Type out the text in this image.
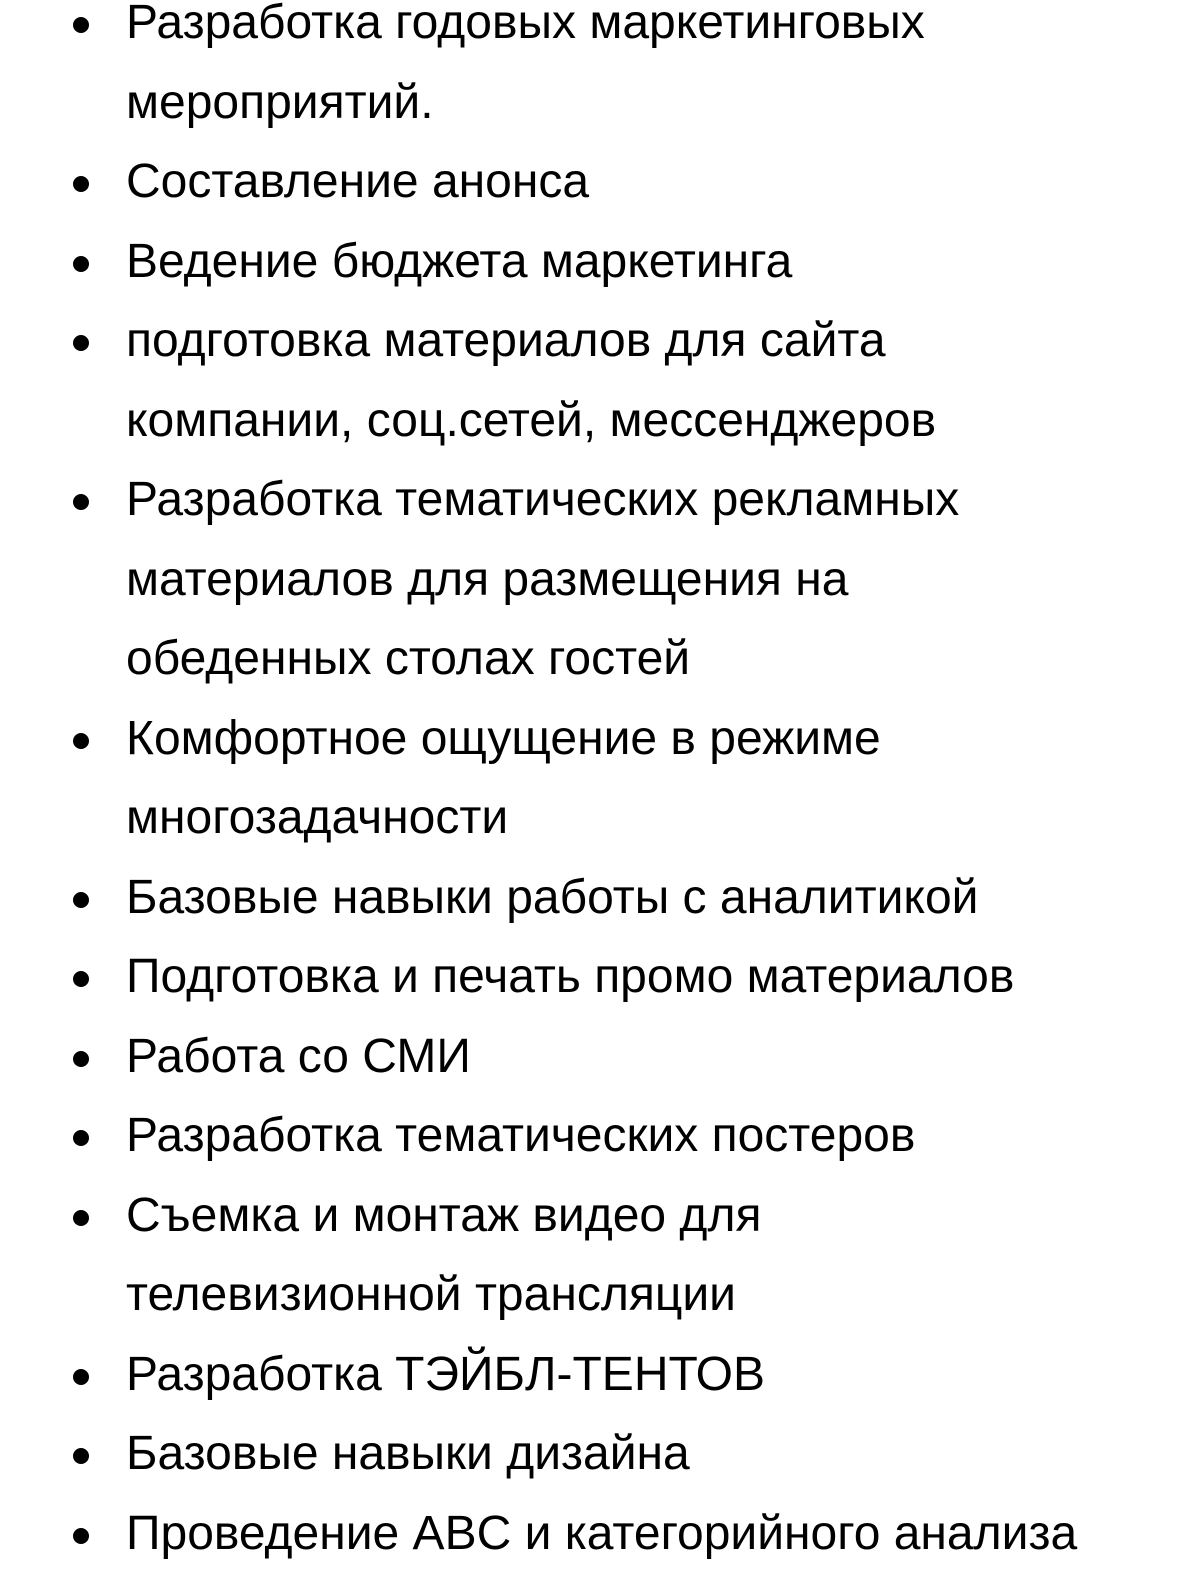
Разработка годовых маркетинговых
мероприятий.
Составление анонса
Ведение бюджета маркетинга
подготовка материалов для сайта
компании, соц.сетей, мессенджеров
Разработка тематических рекламных
материалов для размещения на
обеденных столах гостей
Комфортное ощущение в режиме
многозадачности
Базовые навыки работы с аналитикой
Подготовка и печать промо материалов
Работа со СМИ
Разработка тематических постеров
Съемка и монтаж видео для
телевизионной трансляции
Разработка ТЭЙБЛ-ТЕНТОВ
Базовые навыки дизайна
Проведение ABC и категорийного анализа
